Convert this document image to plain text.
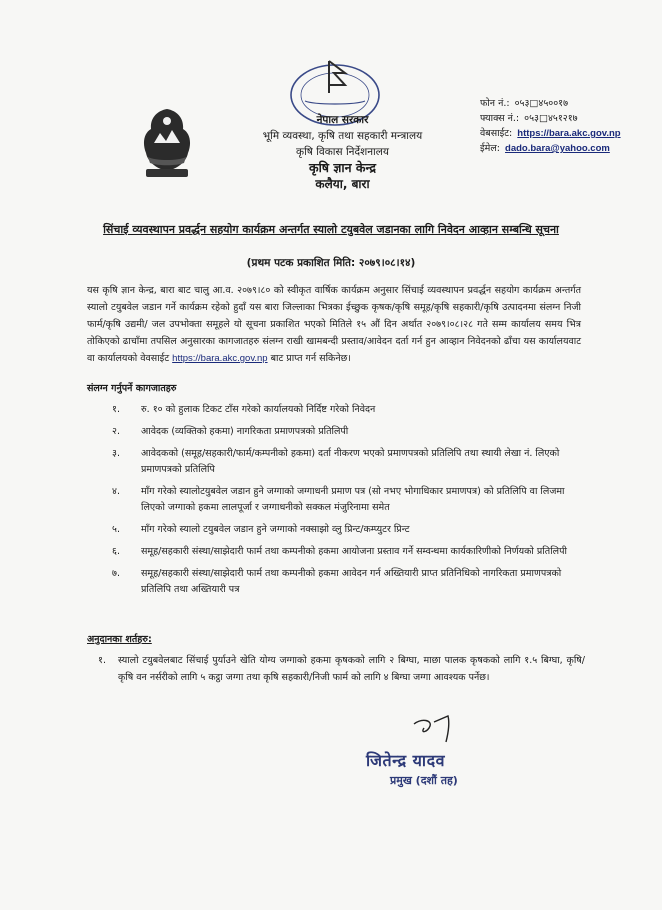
नेपाल सरकार
भूमि व्यवस्था, कृषि तथा सहकारी मन्त्रालय
कृषि विकास निर्देशनालय
कृषि ज्ञान केन्द्र
कलैया, बारा
फोन नं.: ०५३□४५००१७
फ्याक्स नं.: ०५३□४५१२१७
वेबसाईट: https://bara.akc.gov.np
ईमेल: dado.bara@yahoo.com
सिंचाई व्यवस्थापन प्रवर्द्धन सहयोग कार्यक्रम अन्तर्गत स्यालो टयुबवेल जडानका लागि निवेदन आव्हान सम्बन्धि सूचना
(प्रथम पटक प्रकाशित मिति: २०७९।०८।१४)
यस कृषि ज्ञान केन्द्र, बारा बाट चालु आ.व. २०७९।८० को स्वीकृत वार्षिक कार्यक्रम अनुसार सिंचाई व्यवस्थापन प्रवर्द्धन सहयोग कार्यक्रम अन्तर्गत स्यालो टयुबवेल जडान गर्ने कार्यक्रम रहेको हुदाँ यस बारा जिल्लाका भित्रका ईच्छुक कृषक/कृषि समूह/कृषि सहकारी/कृषि उत्पादनमा संलग्न निजी फार्म/कृषि उद्यमी/ जल उपभोक्ता समूहले यो सूचना प्रकाशित भएको मितिले १५ औं दिन अर्थात २०७९।०८।२८ गते सम्म कार्यालय समय भित्र तोकिएको ढाचाँमा तपसिल अनुसारका कागजातहरु संलग्न राखी खामबन्दी प्रस्ताव/आवेदन दर्ता गर्न हुन आव्हान निवेदनको ढाँचा यस कार्यालयवाट वा कार्यालयको वेवसाईट https://bara.akc.gov.np बाट प्राप्त गर्न सकिनेछ।
संलग्न गर्नुपर्ने कागजातहरु
१. रु. १० को हुलाक टिकट टाँस गरेको कार्यालयको निर्दिष्ट गरेको निवेदन
२. आवेदक (व्यक्तिको हकमा) नागरिकता प्रमाणपत्रको प्रतिलिपी
३. आवेदकको (समूह/सहकारी/फार्म/कम्पनीको हकमा) दर्ता नीकरण भएको प्रमाणपत्रको प्रतिलिपि तथा स्थायी लेखा नं. लिएको प्रमाणपत्रको प्रतिलिपि
४. माँग गरेको स्यालोटयुबवेल जडान हुने जग्गाको जग्गाधनी प्रमाण पत्र (सो नभए भोगाधिकार प्रमाणपत्र) को प्रतिलिपि वा लिजमा लिएको जग्गाको हकमा लालपूर्जा र जग्गाधनीको सक्कल मंजुरिनामा समेत
५. माँग गरेको स्यालो टयुबवेल जडान हुने जग्गाको नक्साझो व्लु प्रिन्ट/कम्प्युटर प्रिन्ट
६. समूह/सहकारी संस्था/साझेदारी फार्म तथा कम्पनीको हकमा आयोजना प्रस्ताव गर्ने सम्वन्धमा कार्यकारिणीको निर्णयको प्रतिलिपी
७. समूह/सहकारी संस्था/साझेदारी फार्म तथा कम्पनीको हकमा आवेदन गर्न अख्तियारी प्राप्त प्रतिनिधिको नागरिकता प्रमाणपत्रको प्रतिलिपि तथा अख्तियारी पत्र
अनुदानका शर्तहरु:
१. स्यालो टयुबवेलबाट सिंचाई पुर्याउने खेति योग्य जग्गाको हकमा कृषकको लागि २ बिग्घा, माछा पालक कृषकको लागि १.५ बिग्घा, कृषि/कृषि वन नर्सरीको लागि ५ कट्ठा जग्गा तथा कृषि सहकारी/निजी फार्म को लागि ४ बिग्घा जग्गा आवश्यक पर्नेछ।
जितेन्द्र यादव
प्रमुख (दशौं तह)
